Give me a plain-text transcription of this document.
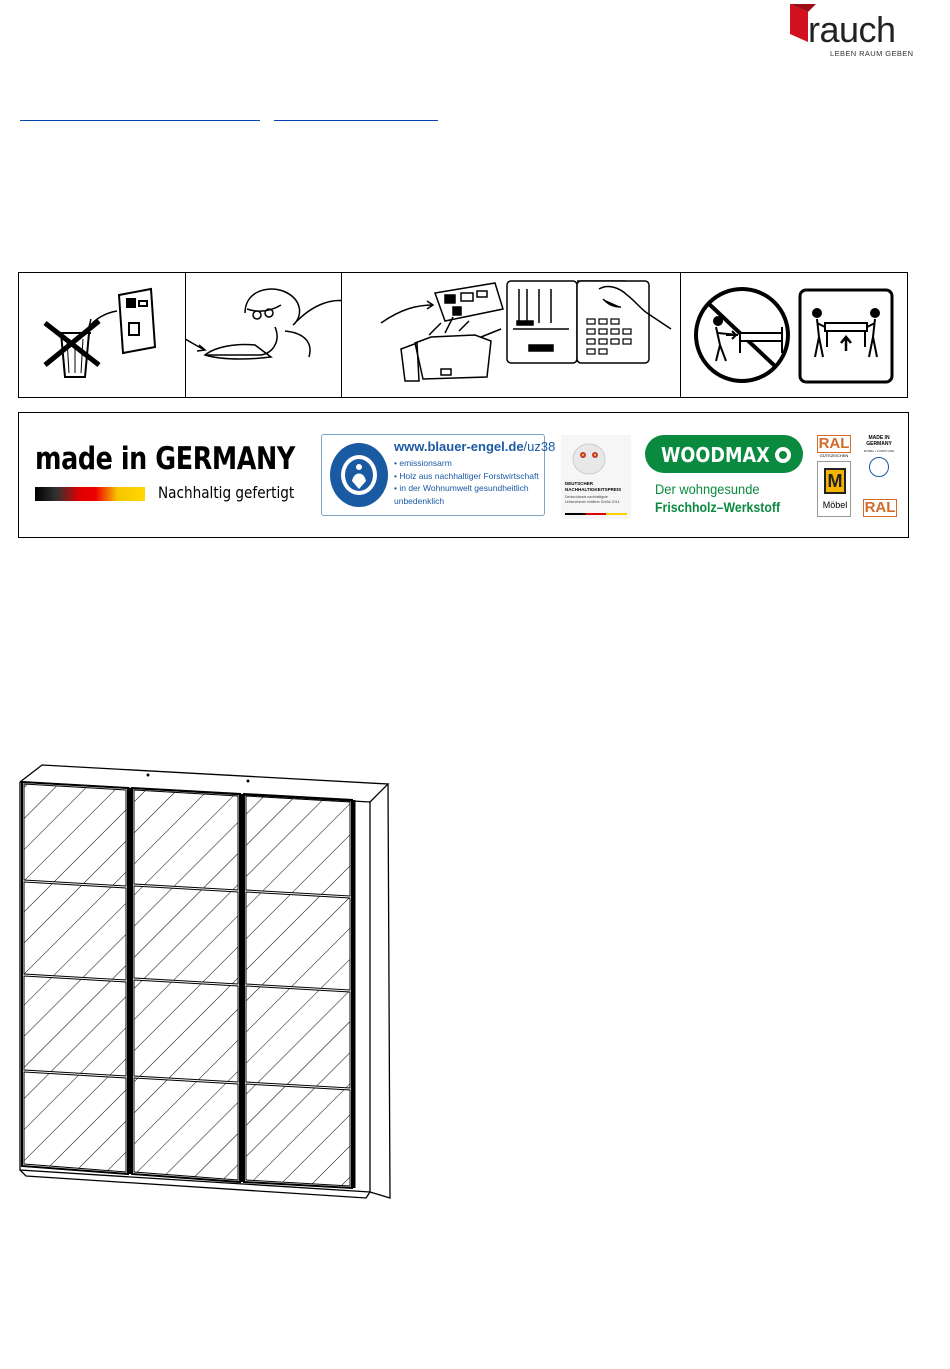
rauch
LEBEN RAUM GEBEN
made in GERMANY
Nachhaltig gefertigt
www.blauer-engel.de/uz38
• emissionsarm
• Holz aus nachhaltiger Forstwirtschaft
• in der Wohnumwelt gesundheitlich unbedenklich
DEUTSCHER NACHHALTIGKEITSPREIS
Deutschlands nachhaltigste Unternehmen mittlerer Größe 2014
WOODMAX
Der wohngesunde
Frischholz–Werkstoff
RAL
GÜTEZEICHEN
M
Möbel
MADE IN GERMANY
MÖBEL • FURNITURE
RAL
